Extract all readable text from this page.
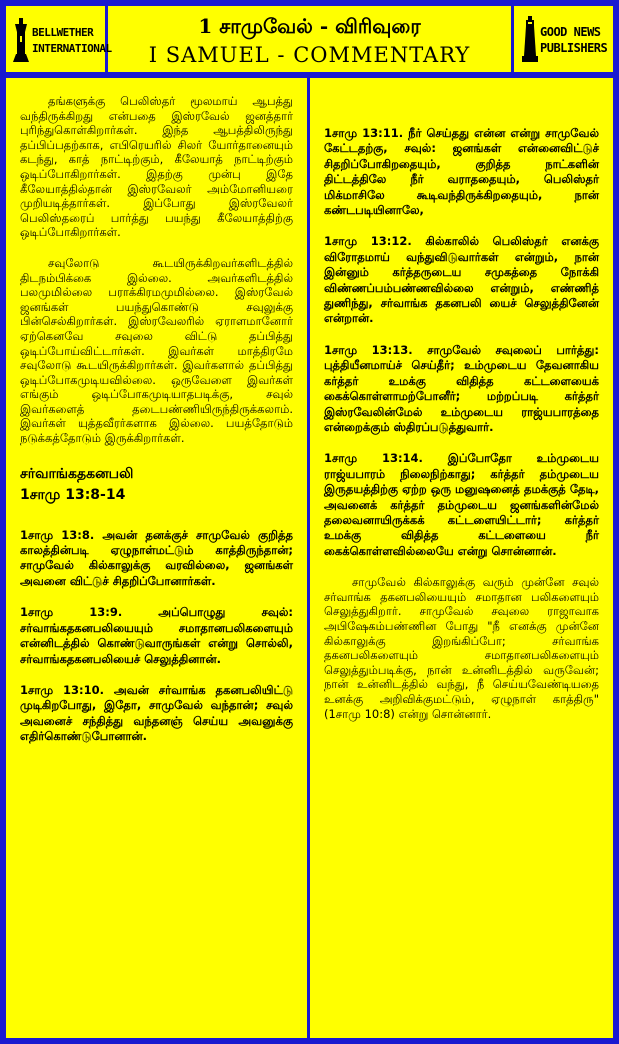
BELLWETHER
INTERNATIONAL
1 சாமுவேல் - விரிவுரை
I SAMUEL - COMMENTARY
GOOD NEWS
PUBLISHERS

தங்களுக்கு பெலிஸ்தர் மூலமாய் ஆபத்து வந்திருக்கிறது என்பதை இஸ்ரவேல் ஜனத்தார் புரிந்துகொள்கிறார்கள். இந்த ஆபத்திலிருந்து தப்பிப்பதற்காக, எபிரெயரில் சிலர் யோர்தானையும் கடந்து, காத் நாட்டிற்கும், கீலேயாத் நாட்டிற்கும் ஒடிப்போகிறார்கள். இதற்கு முன்பு இதே கீலேயாத்தில்தான் இஸ்ரவேலர் அம்மோனியரை முறியடித்தார்கள். இப்போது இஸ்ரவேலர் பெலிஸ்தரைப் பார்த்து பயந்து கீலேயாத்திற்கு ஒடிப்போகிறார்கள்.

சவுலோடு கூடயிருக்கிறவர்களிடத்தில் திடநம்பிக்கை இல்லை. அவர்களிடத்தில் பலமுமில்லை பராக்கிரமமுமில்லை. இஸ்ரவேல் ஜனங்கள் பயந்துகொண்டு சவுலுக்கு பின்செல்கிறார்கள். இஸ்ரவேலரில் ஏராளமானோர் ஏற்கெனவே சவுலை விட்டு தப்பித்து ஒடிப்போய்விட்டார்கள். இவர்கள் மாத்திரமே சவுலோடு கூடயிருக்கிறார்கள். இவர்களால் தப்பித்து ஒடிப்போகமுடியவில்லை. ஒருவேளை இவர்கள் எங்கும் ஒடிப்போகமுடியாதபடிக்கு, சவுல் இவர்களைத் தடைபண்ணியிருந்திருக்கலாம். இவர்கள் யுத்தவீரர்களாக இல்லை. பயத்தோடும் நடுக்கத்தோடும் இருக்கிறார்கள்.

சர்வாங்கதகனபலி
1சாமு 13:8-14

1சாமு 13:8. அவன் தனக்குச் சாமுவேல் குறித்த காலத்தின்படி ஏழுநாள்மட்டும் காத்திருந்தான்; சாமுவேல் கில்காலுக்கு வரவில்லை, ஜனங்கள் அவனை விட்டுச் சிதறிப்போனார்கள்.

1சாமு 13:9. அப்பொழுது சவுல்: சர்வாங்கதகனபலியையும் சமாதானபலிகளையும் என்னிடத்தில் கொண்டுவாருங்கள் என்று சொல்லி, சர்வாங்கதகனபலியைச் செலுத்தினான்.

1சாமு 13:10. அவன் சர்வாங்க தகனபலியிட்டு முடிகிறபோது, இதோ, சாமுவேல் வந்தான்; சவுல் அவனைச் சந்தித்து வந்தனஞ் செய்ய அவனுக்கு எதிர்கொண்டுபோனான்.

1சாமு 13:11. நீர் செய்தது என்ன என்று சாமுவேல் கேட்டதற்கு, சவுல்: ஜனங்கள் என்னைவிட்டுச் சிதறிப்போகிறதையும், குறித்த நாட்களின் திட்டத்திலே நீர் வராததையும், பெலிஸ்தர் மிக்மாசிலே கூடிவந்திருக்கிறதையும், நான் கண்டபடியினாலே,

1சாமு 13:12. கில்காலில் பெலிஸ்தர் எனக்கு விரோதமாய் வந்துவிடுவார்கள் என்றும், நான் இன்னும் கர்த்தருடைய சமுகத்தை நோக்கி விண்ணப்பம்பண்ணவில்லை என்றும், எண்ணித் துணிந்து, சர்வாங்க தகனபலி யைச் செலுத்தினேன் என்றான்.

1சாமு 13:13. சாமுவேல் சவுலைப் பார்த்து: புத்தியீனமாய்ச் செய்தீர்; உம்முடைய தேவனாகிய கர்த்தர் உமக்கு விதித்த கட்டளையைக் கைக்கொள்ளாமற்போனீர்; மற்றப்படி கர்த்தர் இஸ்ரவேலின்மேல் உம்முடைய ராஜ்யபாரத்தை என்றைக்கும் ஸ்திரப்படுத்துவார்.

1சாமு 13:14. இப்போதோ உம்முடைய ராஜ்யபாரம் நிலைநிற்காது; கர்த்தர் தம்முடைய இருதயத்திற்கு ஏற்ற ஒரு மனுஷனைத் தமக்குத் தேடி, அவனைக் கர்த்தர் தம்முடைய ஜனங்களின்மேல் தலைவனாயிருக்கக் கட்டளையிட்டார்; கர்த்தர் உமக்கு விதித்த கட்டளையை நீர் கைக்கொள்ளவில்லையே என்று சொன்னான்.

சாமுவேல் கில்காலுக்கு வரும் முன்னே சவுல் சர்வாங்க தகனபலியையும் சமாதான பலிகளையும் செலுத்துகிறார். சாமுவேல் சவுலை ராஜாவாக அபிஷேகம்பண்ணின போது "நீ எனக்கு முன்னே கில்காலுக்கு இறங்கிப்போ; சர்வாங்க தகனபலிகளையும் சமாதானபலிகளையும் செலுத்தும்படிக்கு, நான் உன்னிடத்தில் வருவேன்; நான் உன்னிடத்தில் வந்து, நீ செய்யவேண்டியதை உனக்கு அறிவிக்குமட்டும், ஏழுநாள் காத்திரு" (1சாமு 10:8) என்று சொன்னார்.
